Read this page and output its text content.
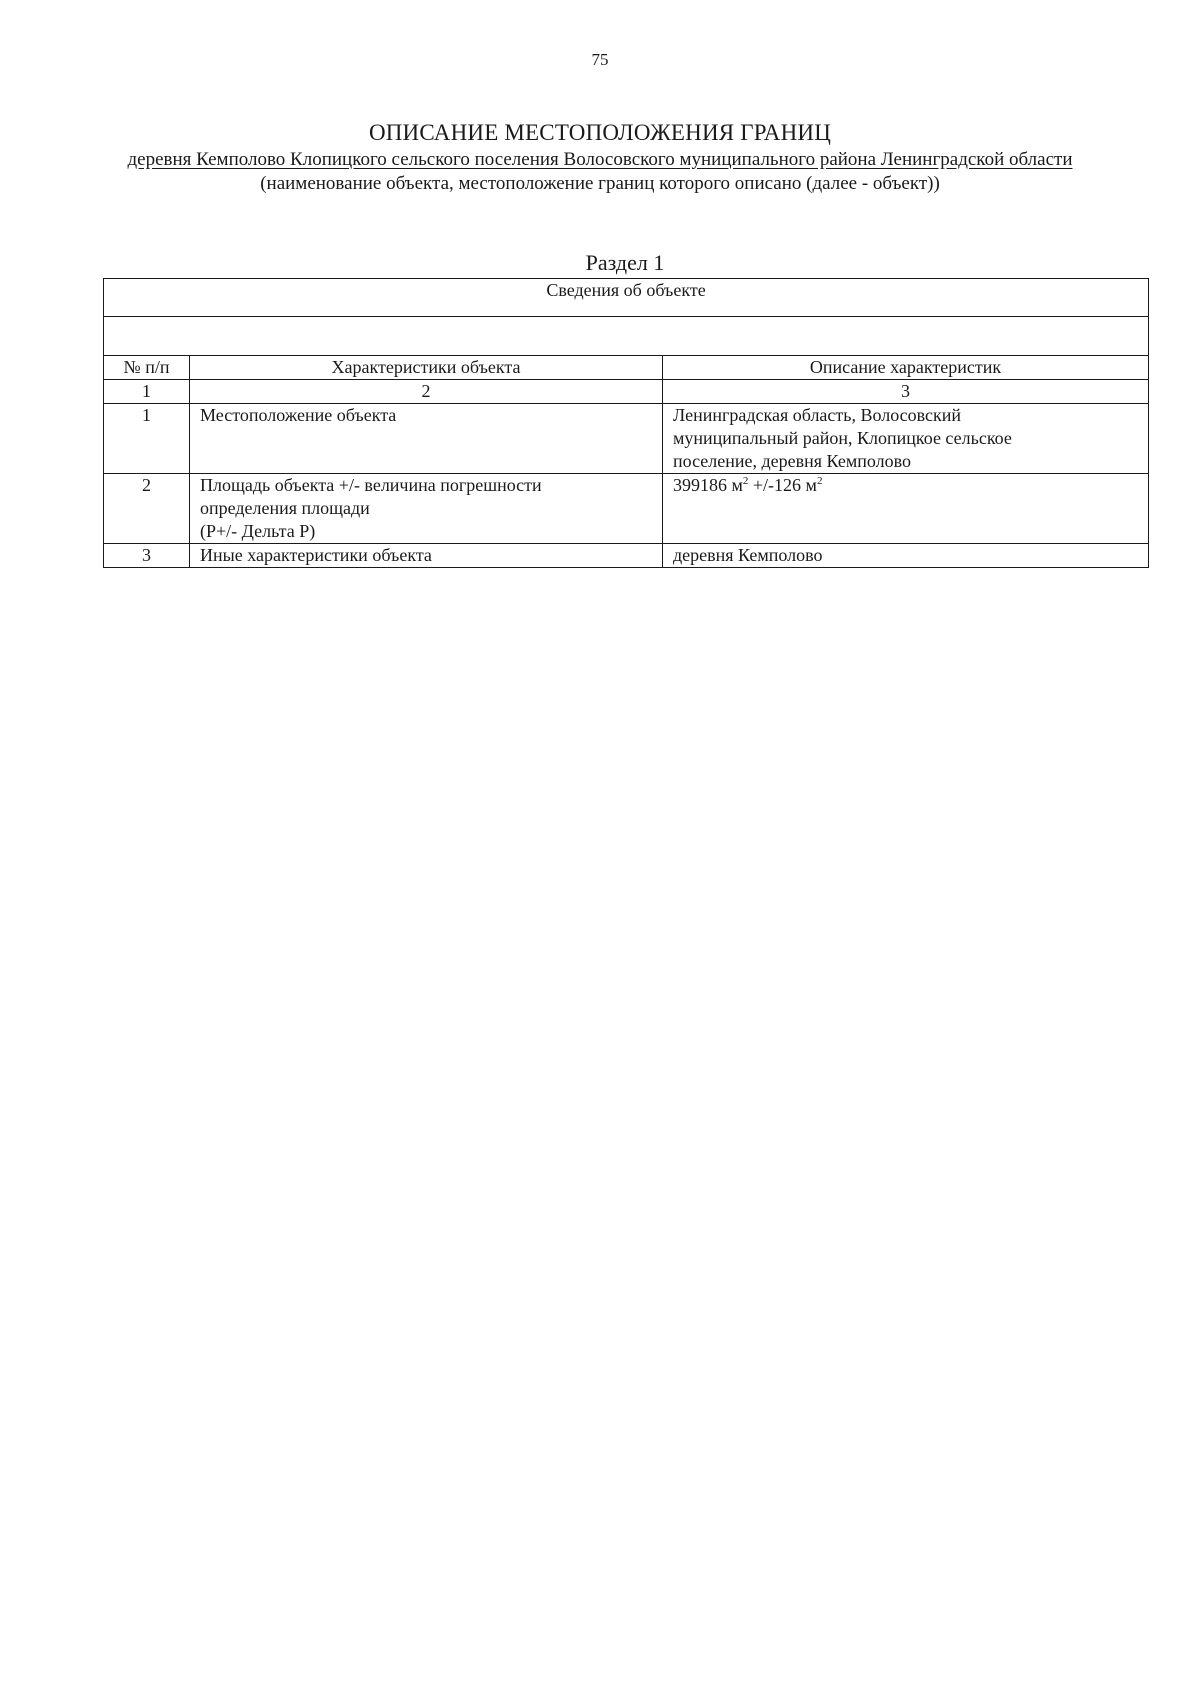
75
ОПИСАНИЕ МЕСТОПОЛОЖЕНИЯ ГРАНИЦ
деревня Кемполово Клопицкого сельского поселения Волосовского муниципального района Ленинградской области
(наименование объекта, местоположение границ которого описано (далее - объект))
Раздел 1
Сведения об объекте		

№ п/п	Характеристики объекта	Описание характеристик
1	2	3
1	Местоположение объекта	Ленинградская область, Волосовский
муниципальный район, Клопицкое сельское
поселение, деревня Кемполово

2	Площадь объекта +/- величина погрешности
определения площади
(Р+/- Дельта Р)	399186 $м^2 +/-126$ $м^2$

3	Иные характеристики объекта	деревня Кемполово
